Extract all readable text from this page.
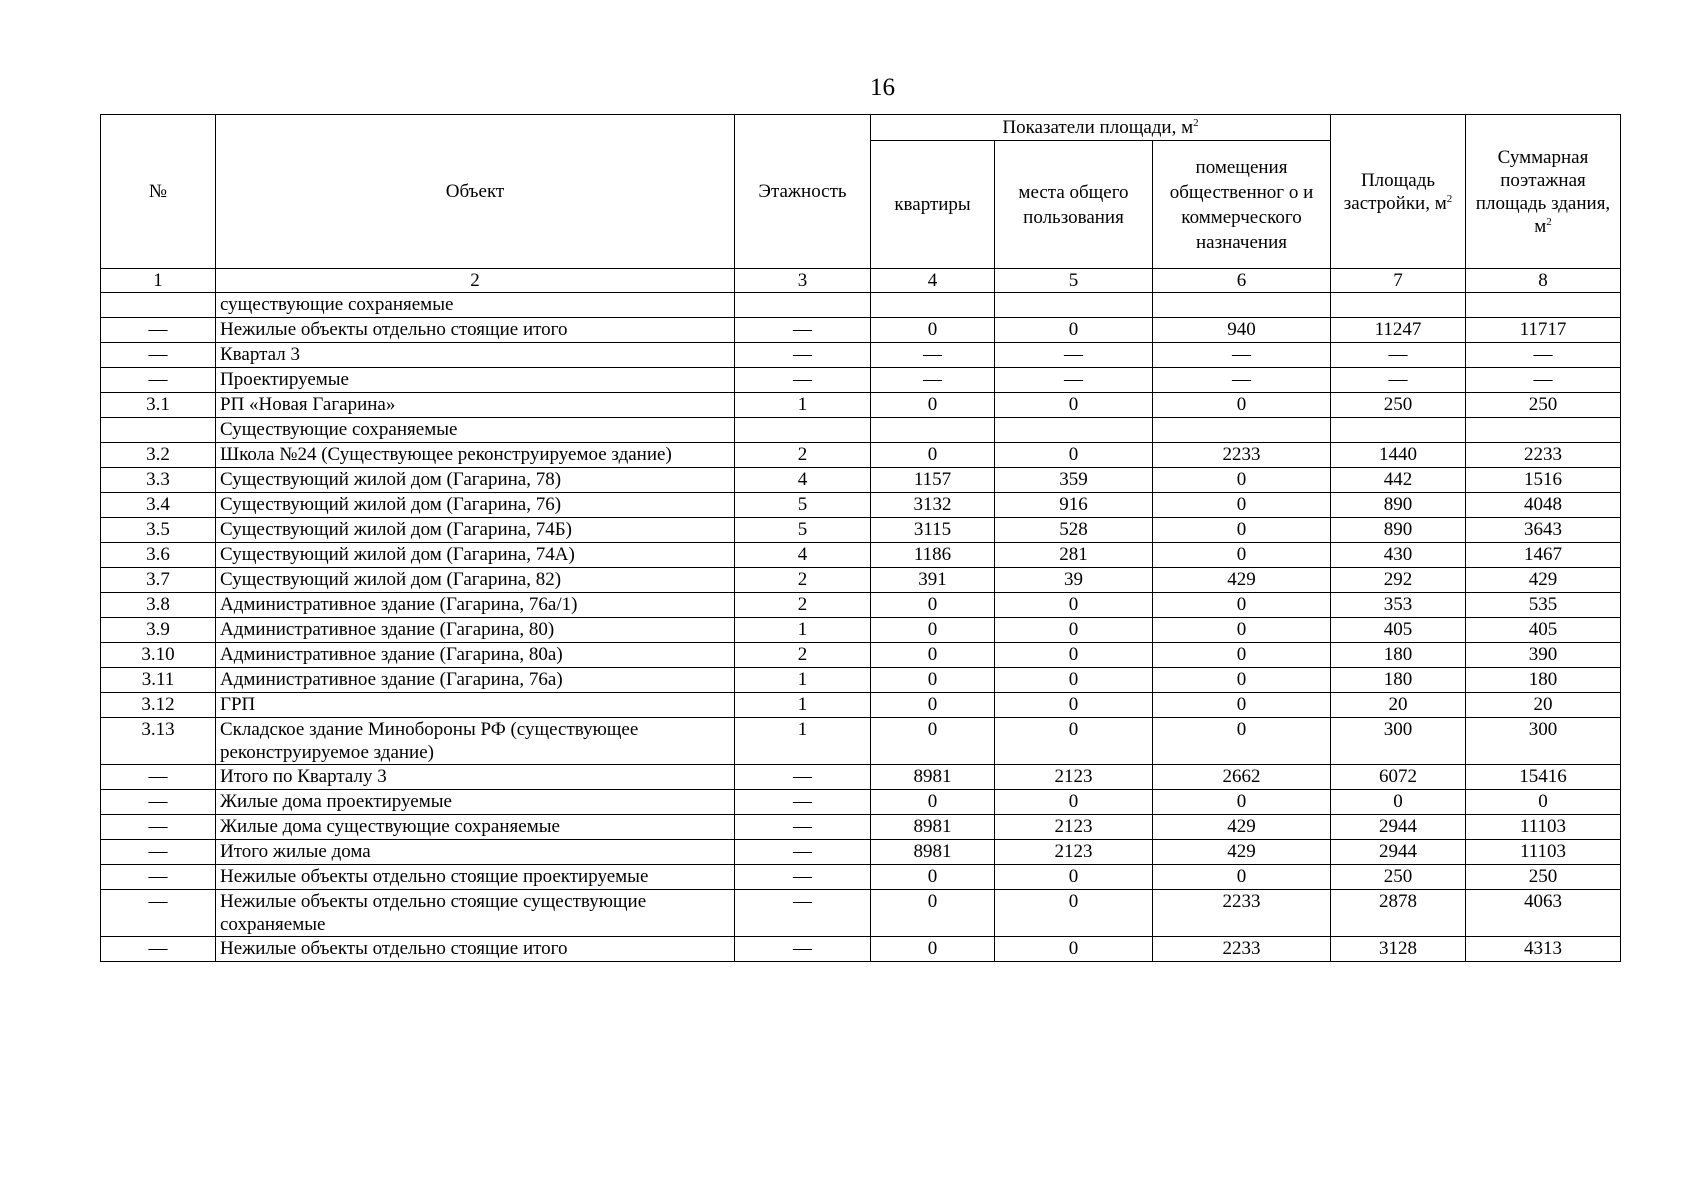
16
№	Объект	Этажность	Показатели площади, $м^2$			Площадь застройки, $м^2$	Суммарная поэтажная площадь здания, $м^2$
			квартиры	места общего пользования	помещения общественног о и коммерческого назначения		
1	2	3	4	5	6	7	8
	существующие сохраняемые						
—	Нежилые объекты отдельно стоящие итого	—	0	0	940	11247	11717
—	Квартал 3	—	—	—	—	—	—
—	Проектируемые	—	—	—	—	—	—
3.1	РП «Новая Гагарина»	1	0	0	0	250	250
	Существующие сохраняемые						
3.2	Школа №24 (Существующее реконструируемое здание)	2	0	0	2233	1440	2233
3.3	Существующий жилой дом (Гагарина, 78)	4	1157	359	0	442	1516
3.4	Существующий жилой дом (Гагарина, 76)	5	3132	916	0	890	4048
3.5	Существующий жилой дом (Гагарина, 74Б)	5	3115	528	0	890	3643
3.6	Существующий жилой дом (Гагарина, 74А)	4	1186	281	0	430	1467
3.7	Существующий жилой дом (Гагарина, 82)	2	391	39	429	292	429
3.8	Административное здание (Гагарина, 76а/1)	2	0	0	0	353	535
3.9	Административное здание (Гагарина, 80)	1	0	0	0	405	405
3.10	Административное здание (Гагарина, 80а)	2	0	0	0	180	390
3.11	Административное здание (Гагарина, 76а)	1	0	0	0	180	180
3.12	ГРП	1	0	0	0	20	20
3.13	Складское здание Минобороны РФ (существующее реконструируемое здание)	1	0	0	0	300	300
—	Итого по Кварталу 3	—	8981	2123	2662	6072	15416
—	Жилые дома проектируемые	—	0	0	0	0	0
—	Жилые дома существующие сохраняемые	—	8981	2123	429	2944	11103
—	Итого жилые дома	—	8981	2123	429	2944	11103
—	Нежилые объекты отдельно стоящие проектируемые	—	0	0	0	250	250
—	Нежилые объекты отдельно стоящие существующие сохраняемые	—	0	0	2233	2878	4063
—	Нежилые объекты отдельно стоящие итого	—	0	0	2233	3128	4313
